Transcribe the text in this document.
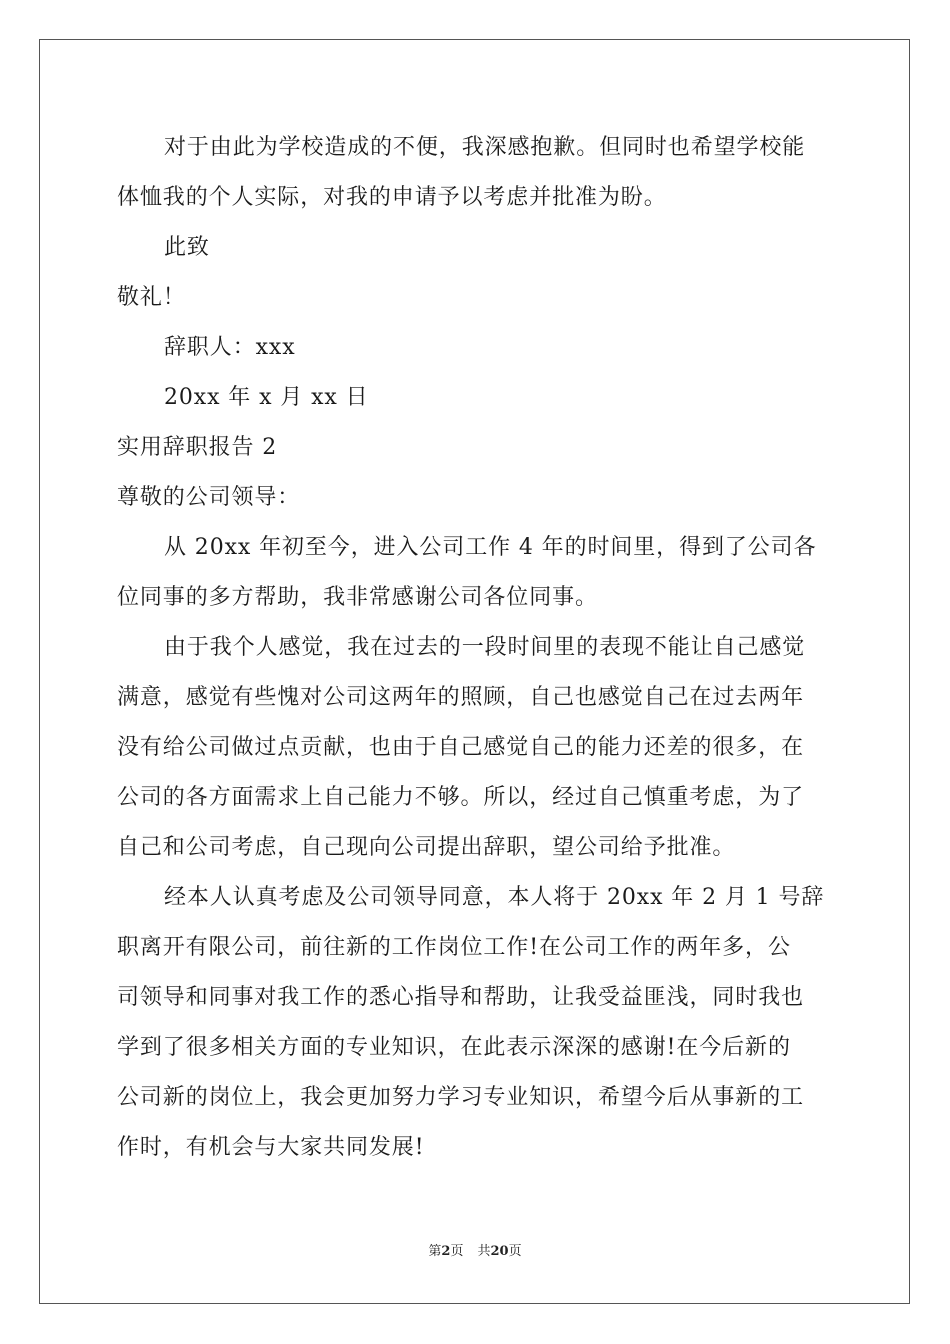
对于由此为学校造成的不便，我深感抱歉。但同时也希望学校能
体恤我的个人实际，对我的申请予以考虑并批准为盼。
此致
敬礼！
辞职人：xxx
20xx 年 x 月 xx 日
实用辞职报告 2
尊敬的公司领导：
从 20xx 年初至今，进入公司工作 4 年的时间里，得到了公司各
位同事的多方帮助，我非常感谢公司各位同事。
由于我个人感觉，我在过去的一段时间里的表现不能让自己感觉
满意，感觉有些愧对公司这两年的照顾，自己也感觉自己在过去两年
没有给公司做过点贡献，也由于自己感觉自己的能力还差的很多，在
公司的各方面需求上自己能力不够。所以，经过自己慎重考虑，为了
自己和公司考虑，自己现向公司提出辞职，望公司给予批准。
经本人认真考虑及公司领导同意，本人将于 20xx 年 2 月 1 号辞
职离开有限公司，前往新的工作岗位工作!在公司工作的两年多，公
司领导和同事对我工作的悉心指导和帮助，让我受益匪浅，同时我也
学到了很多相关方面的专业知识，在此表示深深的感谢!在今后新的
公司新的岗位上，我会更加努力学习专业知识，希望今后从事新的工
作时，有机会与大家共同发展!
第2页 共20页
